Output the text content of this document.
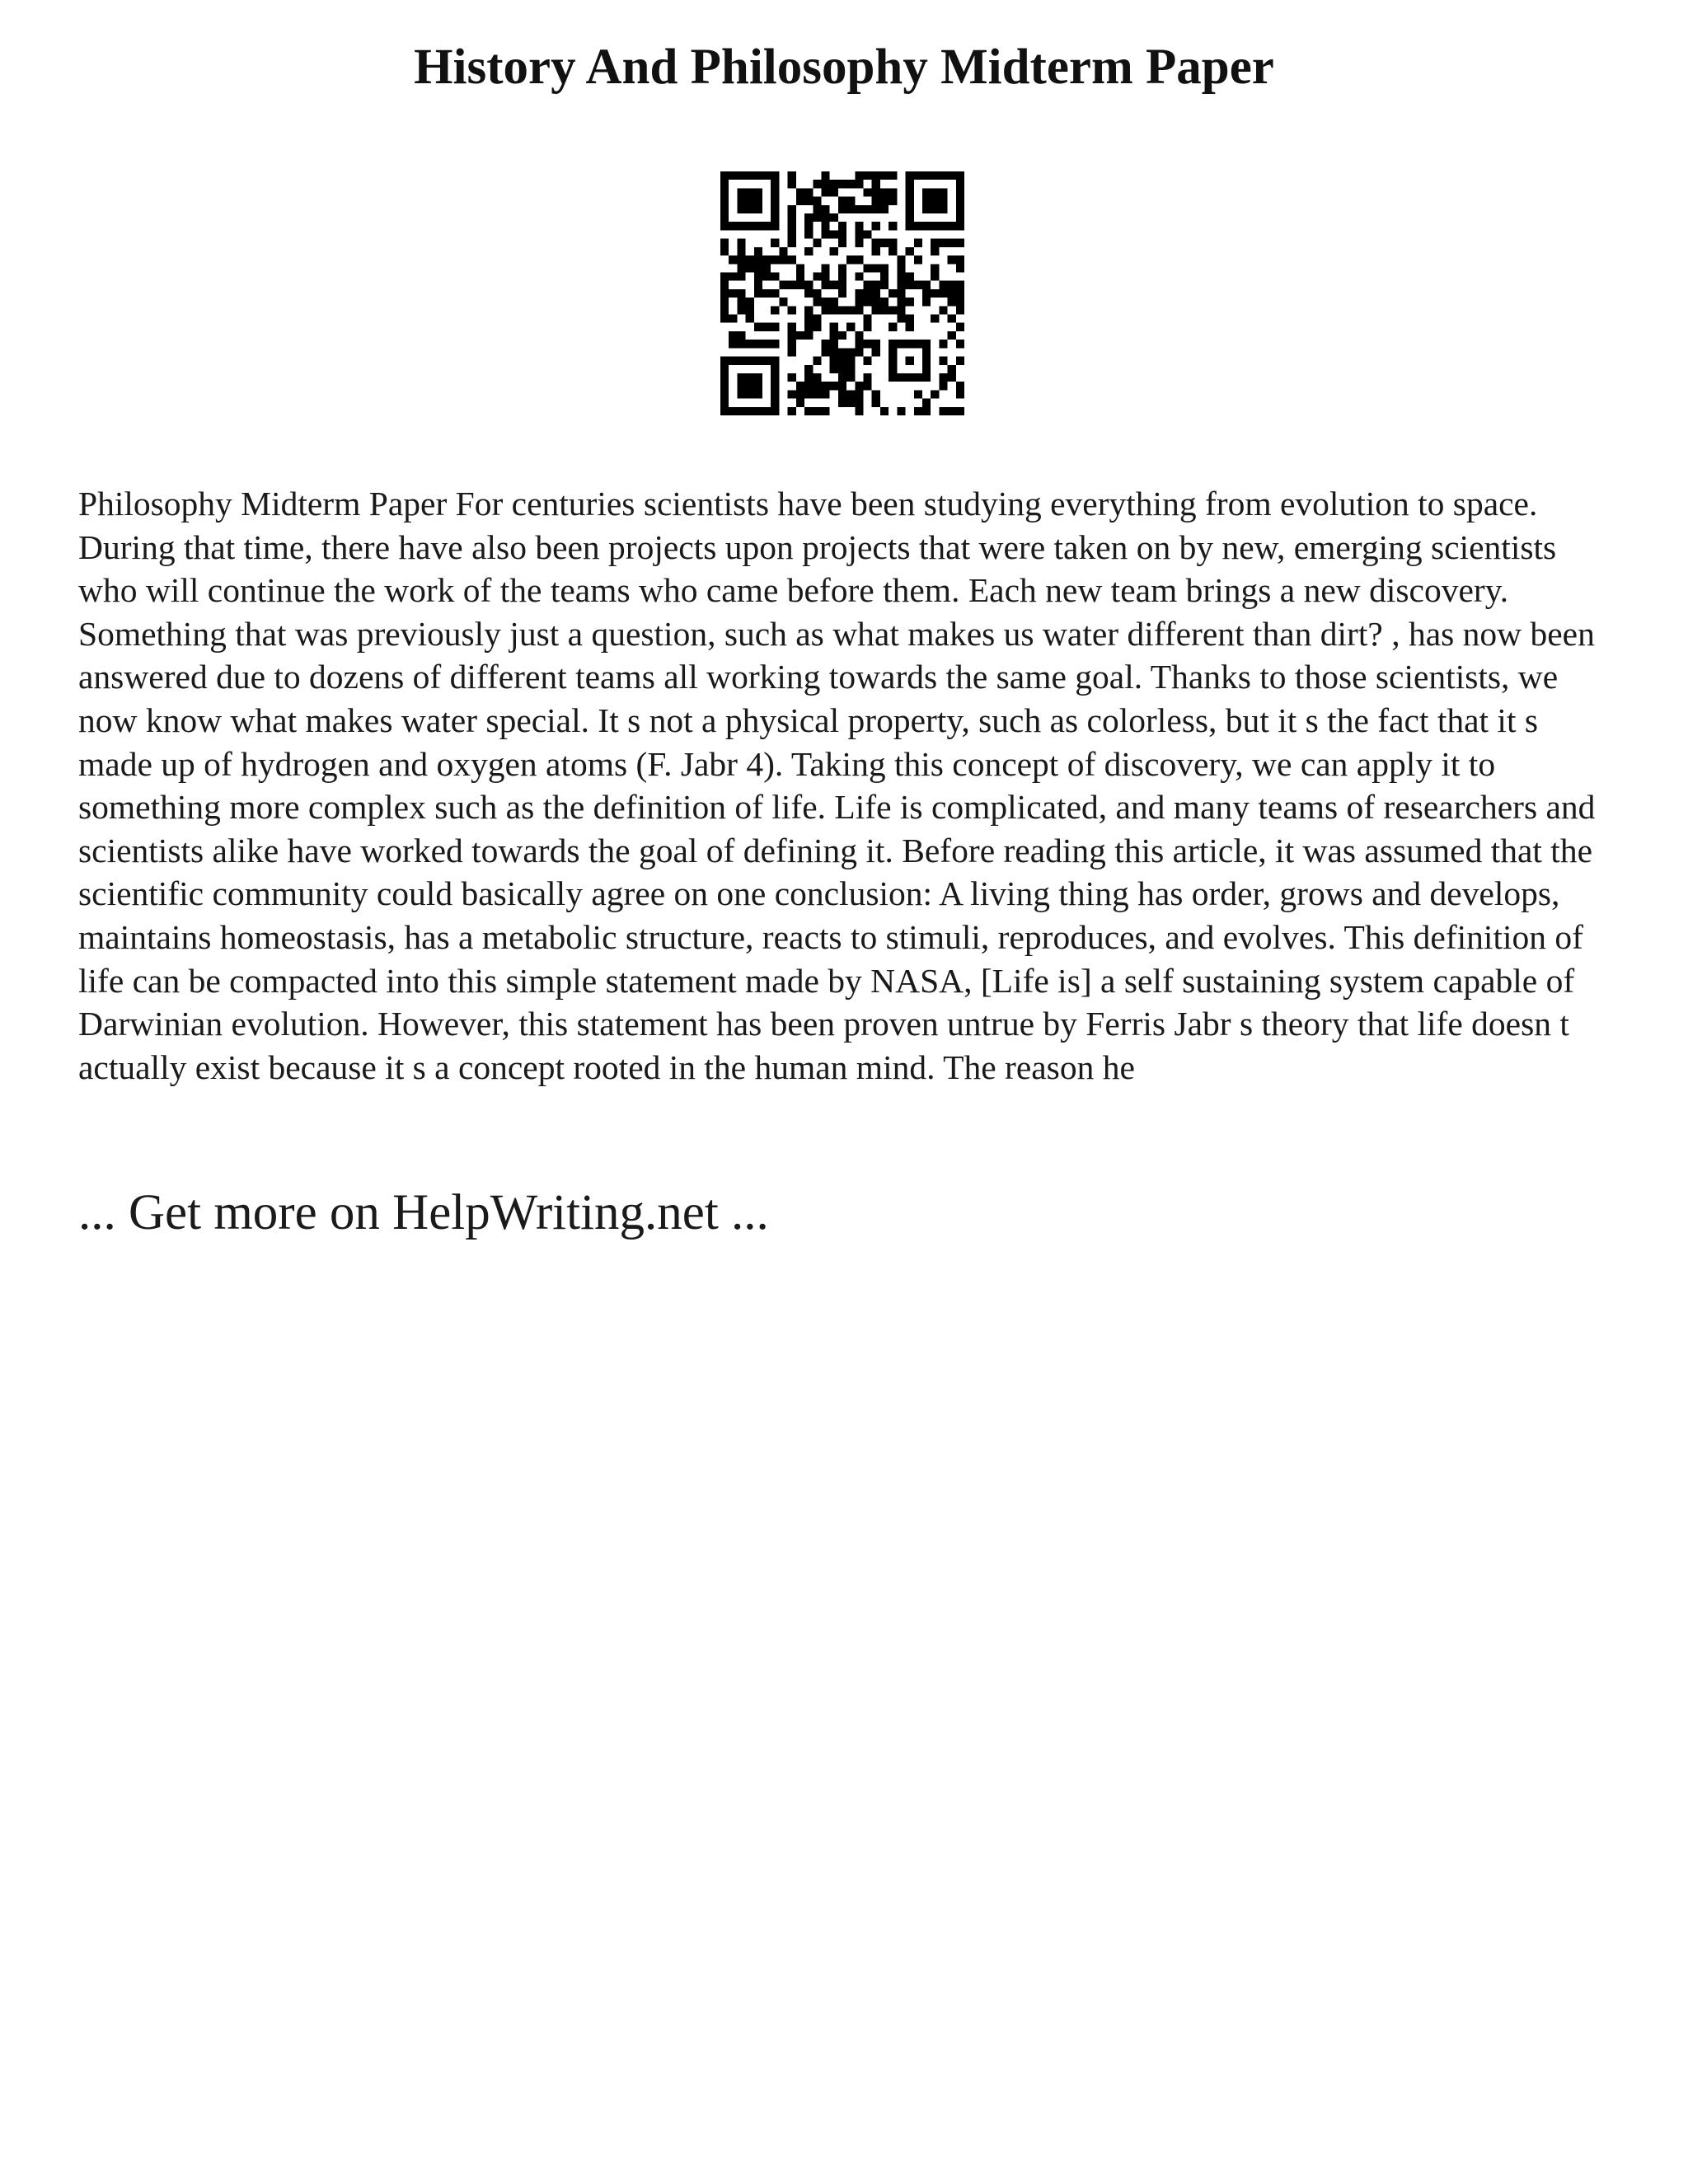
History And Philosophy Midterm Paper

Philosophy Midterm Paper For centuries scientists have been studying everything from evolution to space. During that time, there have also been projects upon projects that were taken on by new, emerging scientists who will continue the work of the teams who came before them. Each new team brings a new discovery. Something that was previously just a question, such as what makes us water different than dirt? , has now been answered due to dozens of different teams all working towards the same goal. Thanks to those scientists, we now know what makes water special. It s not a physical property, such as colorless, but it s the fact that it s made up of hydrogen and oxygen atoms (F. Jabr 4). Taking this concept of discovery, we can apply it to something more complex such as the definition of life. Life is complicated, and many teams of researchers and scientists alike have worked towards the goal of defining it. Before reading this article, it was assumed that the scientific community could basically agree on one conclusion: A living thing has order, grows and develops, maintains homeostasis, has a metabolic structure, reacts to stimuli, reproduces, and evolves. This definition of life can be compacted into this simple statement made by NASA, [Life is] a self sustaining system capable of Darwinian evolution. However, this statement has been proven untrue by Ferris Jabr s theory that life doesn t actually exist because it s a concept rooted in the human mind. The reason he

... Get more on HelpWriting.net ...
